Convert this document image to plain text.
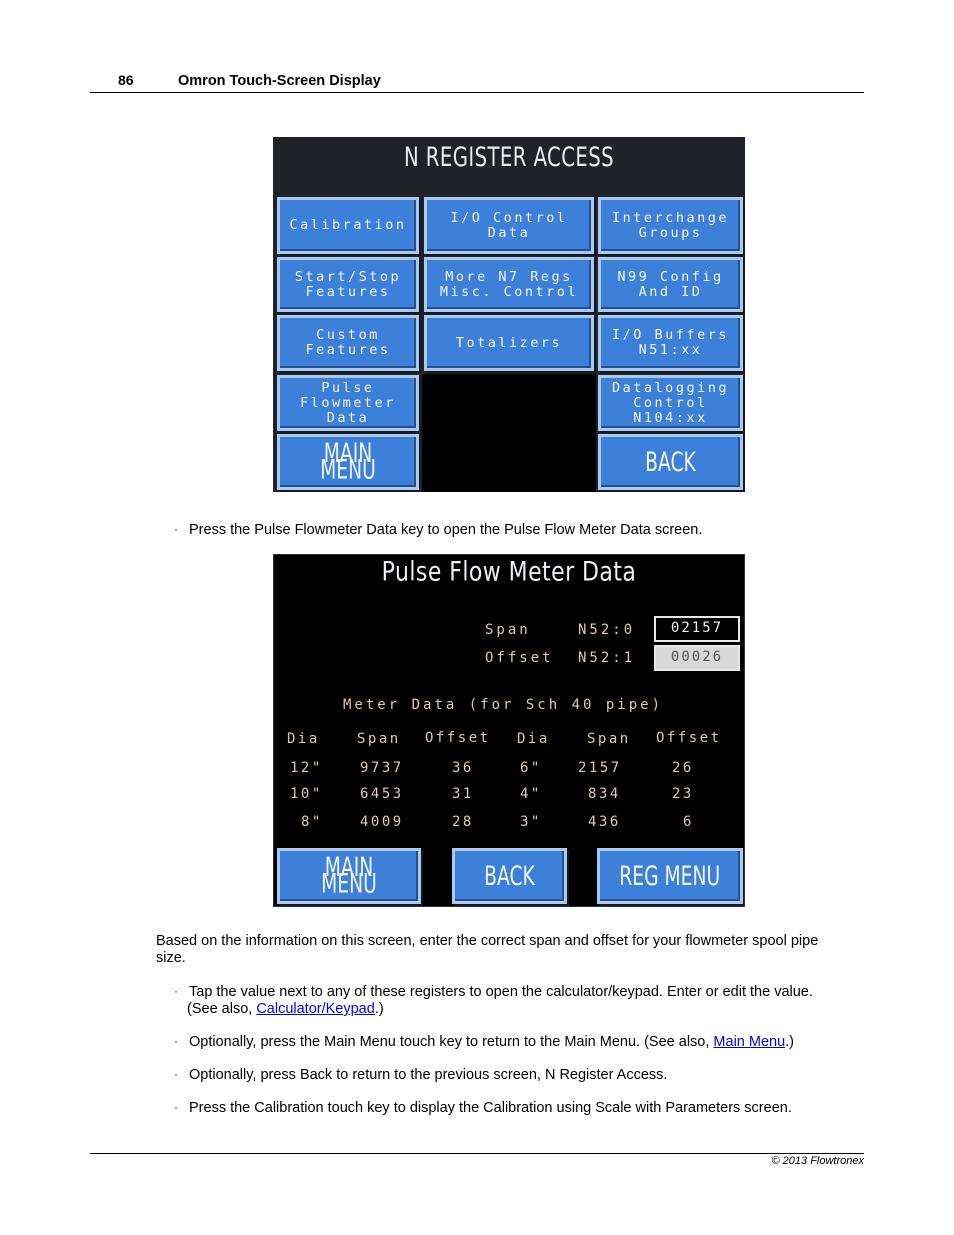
86	Omron Touch-Screen Display
N REGISTER ACCESS
Calibration	I/O Control
Data
Interchange
Groups
Start/Stop
Features
More N7 Regs
Misc. Control
N99 Config
And ID
Custom
Features	Totalizers	I/O Buffers
N51:xx
Pulse
Flowmeter
Data
Datalogging
Control
N104:xx
MAIN MENU	BACK
· Press the Pulse Flowmeter Data key to open the Pulse Flow Meter Data screen.
Pulse Flow Meter Data
Span	N52:0	02157
Offset N52:1	00026
Meter Data (for Sch 40 pipe)
Dia	Span Offset Dia	Span Offset
12"	9737	36	6"	2157	26
10"	6453	31	4"	834	23
8"	4009	28	3"	436	6
MAIN MENU	BACK	REG MENU
Based on the information on this screen, enter the correct span and offset for your flowmeter spool pipe size.
· Tap the value next to any of these registers to open the calculator/keypad. Enter or edit the value.
(See also, Calculator/Keypad.)
· Optionally, press the Main Menu touch key to return to the Main Menu. (See also, Main Menu.)
· Optionally, press Back to return to the previous screen, N Register Access.
· Press the Calibration touch key to display the Calibration using Scale with Parameters screen.
© 2013 Flowtronex
